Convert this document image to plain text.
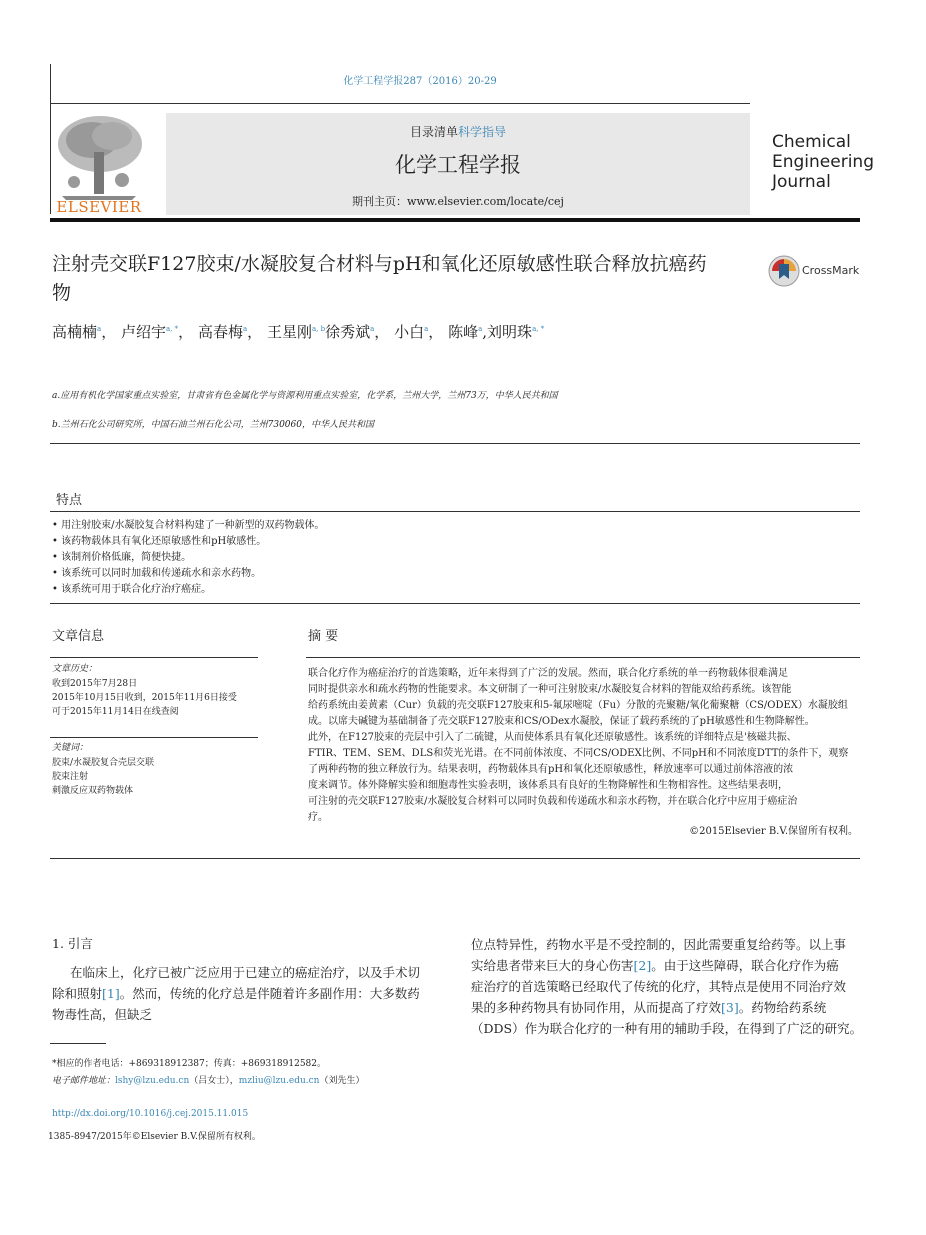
化学工程学报287（2016）20-29
ELSEVIER
目录清单科学指导
化学工程学报
期刊主页：www.elsevier.com/locate/cej
Chemical
Engineering
Journal
注射壳交联F127胶束/水凝胶复合材料与pH和氧化还原敏感性联合释放抗癌药
物
CrossMark
高楠楠$^a$， 卢绍宇$^{a, *}$， 高春梅$^a$， 王星刚$^{a, b}$徐秀斌$^a$， 小白$^a$， 陈峰$^a$,刘明珠$^{a, *}$
a.应用有机化学国家重点实验室，甘肃省有色金属化学与资源利用重点实验室，化学系，兰州大学，兰州73万，中华人民共和国
b.兰州石化公司研究所，中国石油兰州石化公司，兰州730060，中华人民共和国
特点
• 用注射胶束/水凝胶复合材料构建了一种新型的双药物载体。
• 该药物载体具有氧化还原敏感性和pH敏感性。
• 该制剂价格低廉，简便快捷。
• 该系统可以同时加载和传递疏水和亲水药物。
• 该系统可用于联合化疗治疗癌症。
文章信息
文章历史：
收到2015年7月28日
2015年10月15日收到，2015年11月6日接受
可于2015年11月14日在线查阅
关键词：
胶束/水凝胶复合壳层交联
胶束注射
刺激反应双药物载体
摘 要

联合化疗作为癌症治疗的首选策略，近年来得到了广泛的发展。然而，联合化疗系统的单一药物载体很难满足

同时提供亲水和疏水药物的性能要求。本文研制了一种可注射胶束/水凝胶复合材料的智能双给药系统。该智能

给药系统由姜黄素（Cur）负载的壳交联F127胶束和5-氟尿嘧啶（Fu）分散的壳聚糖/氧化葡聚糖（CS/ODEX）水凝胶组

成。以席夫碱键为基础制备了壳交联F127胶束和CS/ODex水凝胶，保证了载药系统的了pH敏感性和生物降解性。

此外，在F127胶束的壳层中引入了二硫键，从而使体系具有氧化还原敏感性。该系统的详细特点是'核磁共振、

FTIR、TEM、SEM、DLS和荧光光谱。在不同前体浓度、不同CS/ODEX比例、不同pH和不同浓度DTT的条件下，观察

了两种药物的独立释放行为。结果表明，药物载体具有pH和氧化还原敏感性，释放速率可以通过前体溶液的浓

度来调节。体外降解实验和细胞毒性实验表明，该体系具有良好的生物降解性和生物相容性。这些结果表明，

可注射的壳交联F127胶束/水凝胶复合材料可以同时负载和传递疏水和亲水药物，并在联合化疗中应用于癌症治

疗。

©2015Elsevier B.V.保留所有权利。
1. 引言
在临床上，化疗已被广泛应用于已建立的癌症治疗，以及手术切
除和照射[1]。然而，传统的化疗总是伴随着许多副作用：大多数药
物毒性高，但缺乏
位点特异性，药物水平是不受控制的，因此需要重复给药等。以上事
实给患者带来巨大的身心伤害[2]。由于这些障碍，联合化疗作为癌
症治疗的首选策略已经取代了传统的化疗，其特点是使用不同治疗效
果的多种药物具有协同作用，从而提高了疗效[3]。药物给药系统
（DDS）作为联合化疗的一种有用的辅助手段，在得到了广泛的研究。
*相应的作者电话：+869318912387；传真：+869318912582。
电子邮件地址：lshy@lzu.edu.cn（吕女士），mzliu@lzu.edu.cn（刘先生）
http://dx.doi.org/10.1016/j.cej.2015.11.015
1385-8947/2015年©Elsevier B.V.保留所有权利。
